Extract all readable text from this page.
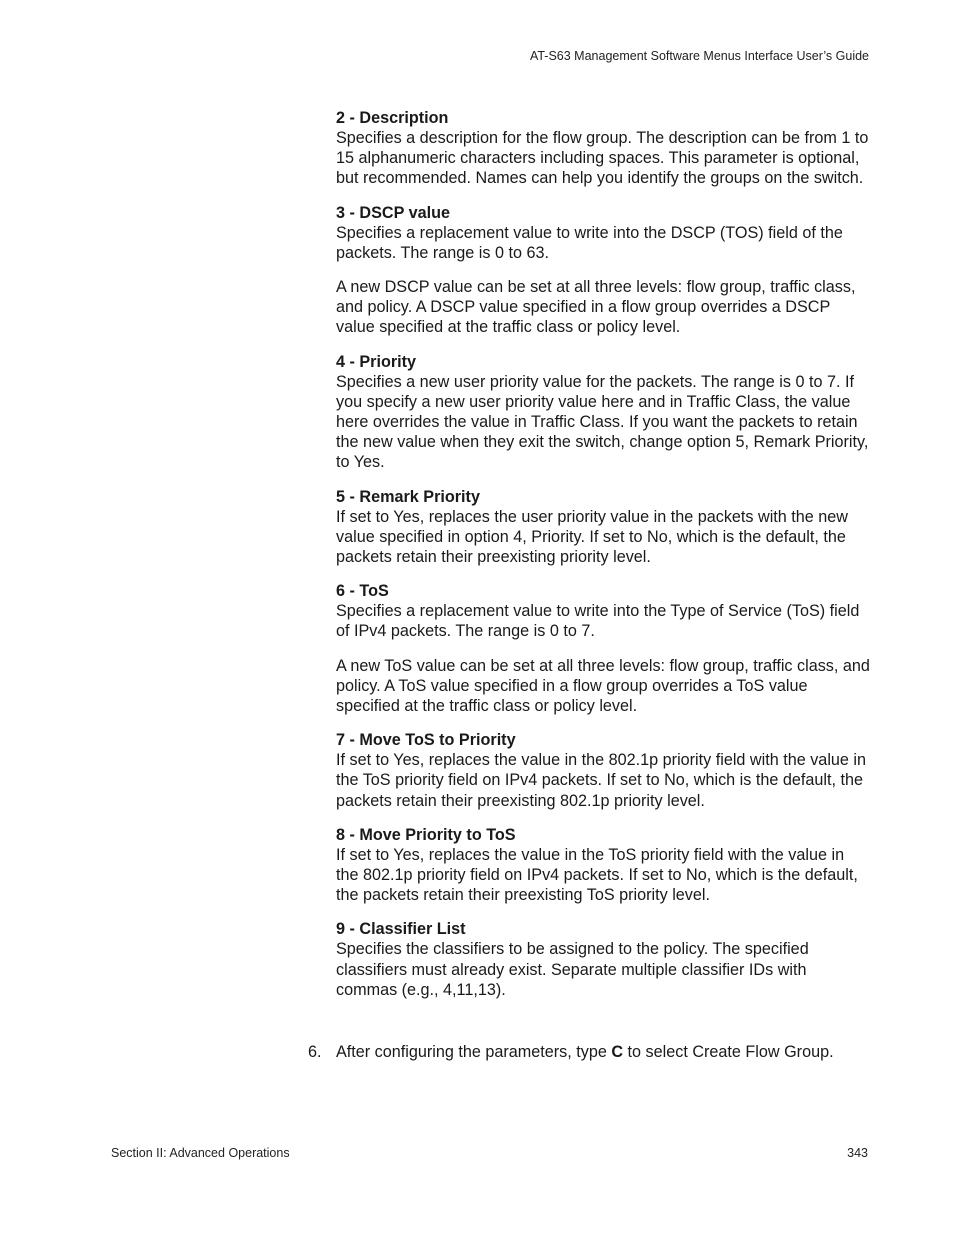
AT-S63 Management Software Menus Interface User’s Guide

2 - Description

Specifies a description for the flow group. The description can be from 1 to 15 alphanumeric characters including spaces. This parameter is optional, but recommended. Names can help you identify the groups on the switch.

3 - DSCP value

Specifies a replacement value to write into the DSCP (TOS) field of the packets. The range is 0 to 63.

A new DSCP value can be set at all three levels: flow group, traffic class, and policy. A DSCP value specified in a flow group overrides a DSCP value specified at the traffic class or policy level.

4 - Priority

Specifies a new user priority value for the packets. The range is 0 to 7. If you specify a new user priority value here and in Traffic Class, the value here overrides the value in Traffic Class. If you want the packets to retain the new value when they exit the switch, change option 5, Remark Priority, to Yes.

5 - Remark Priority

If set to Yes, replaces the user priority value in the packets with the new value specified in option 4, Priority. If set to No, which is the default, the packets retain their preexisting priority level.

6 - ToS

Specifies a replacement value to write into the Type of Service (ToS) field of IPv4 packets. The range is 0 to 7.

A new ToS value can be set at all three levels: flow group, traffic class, and policy. A ToS value specified in a flow group overrides a ToS value specified at the traffic class or policy level.

7 - Move ToS to Priority

If set to Yes, replaces the value in the 802.1p priority field with the value in the ToS priority field on IPv4 packets. If set to No, which is the default, the packets retain their preexisting 802.1p priority level.

8 - Move Priority to ToS

If set to Yes, replaces the value in the ToS priority field with the value in the 802.1p priority field on IPv4 packets. If set to No, which is the default, the packets retain their preexisting ToS priority level.

9 - Classifier List

Specifies the classifiers to be assigned to the policy. The specified classifiers must already exist. Separate multiple classifier IDs with commas (e.g., 4,11,13).

6. After configuring the parameters, type C to select Create Flow Group.
Section II: Advanced Operations	343
